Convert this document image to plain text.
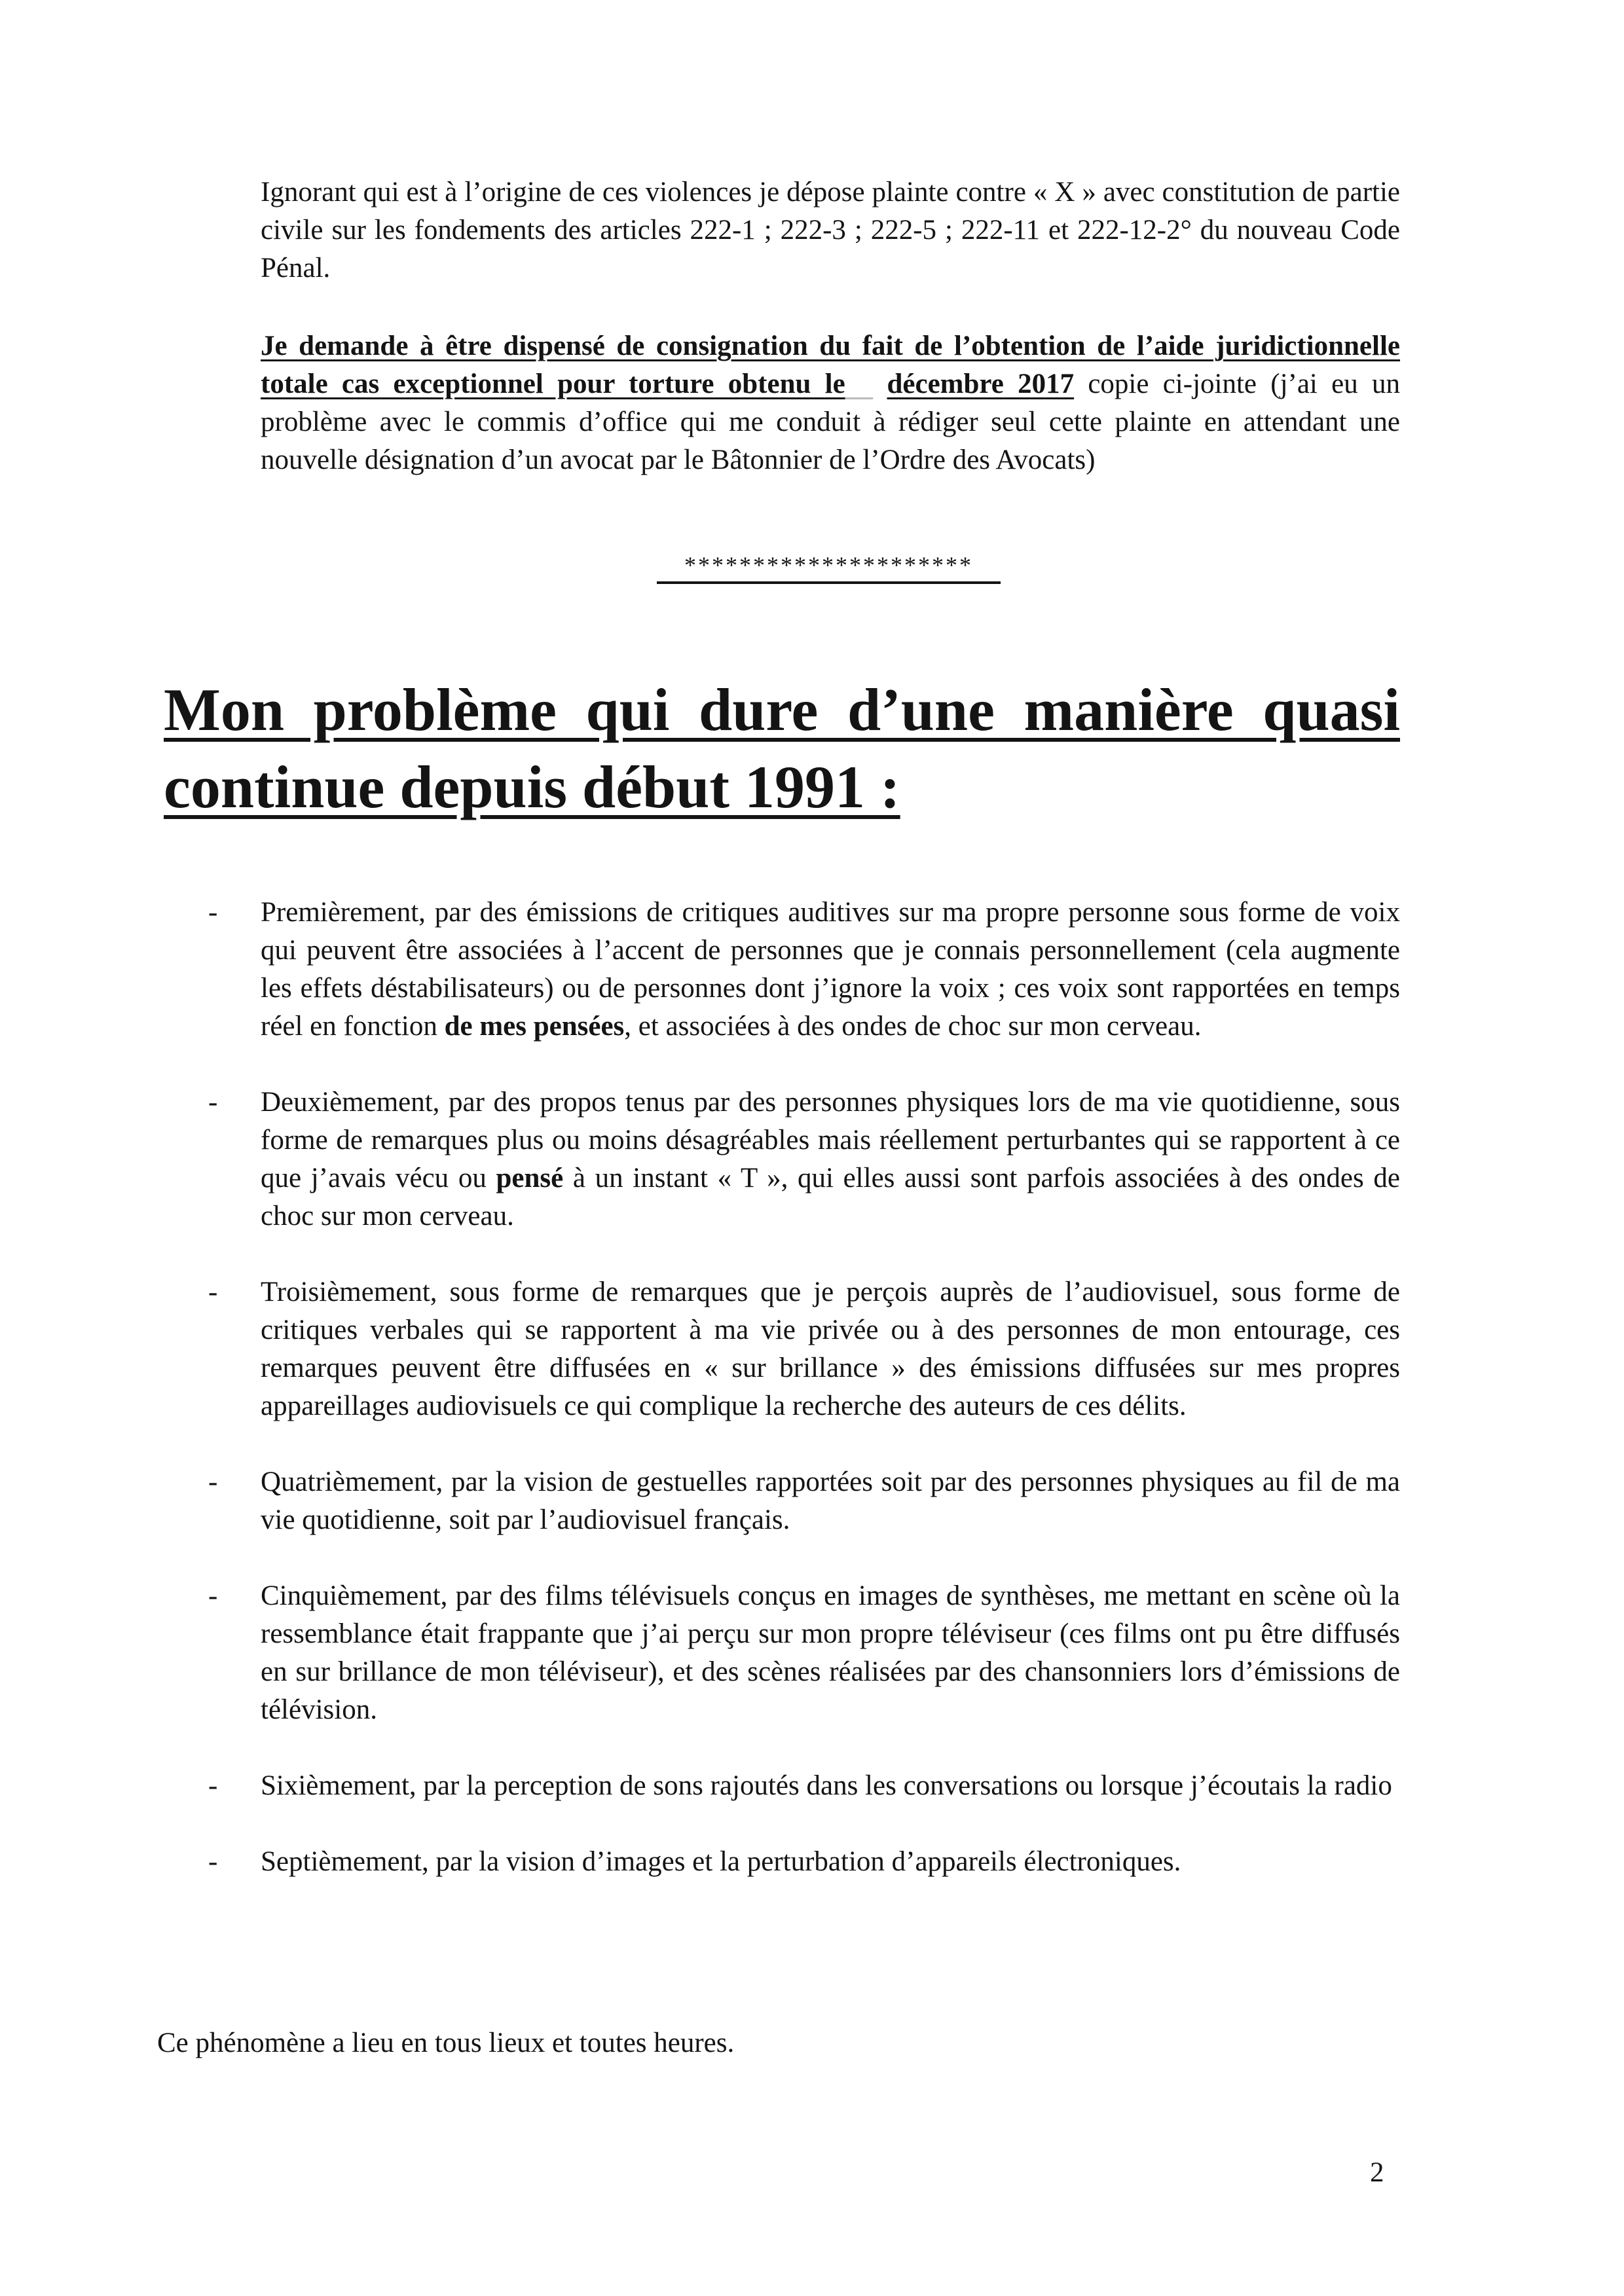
Ignorant qui est à l’origine de ces violences je dépose plainte contre « X » avec constitution de partie civile sur les fondements des articles 222-1 ; 222-3 ; 222-5 ; 222-11 et 222-12-2° du nouveau Code Pénal.

Je demande à être dispensé de consignation du fait de l’obtention de l’aide juridictionnelle totale cas exceptionnel pour torture obtenu le décembre 2017 copie ci-jointe (j’ai eu un problème avec le commis d’office qui me conduit à rédiger seul cette plainte en attendant une nouvelle désignation d’un avocat par le Bâtonnier de l’Ordre des Avocats)

*********************
Mon problème qui dure d’une manière quasi continue depuis début 1991 :
- Premièrement, par des émissions de critiques auditives sur ma propre personne sous forme de voix qui peuvent être associées à l’accent de personnes que je connais personnellement (cela augmente les effets déstabilisateurs) ou de personnes dont j’ignore la voix ; ces voix sont rapportées en temps réel en fonction de mes pensées, et associées à des ondes de choc sur mon cerveau.
- Deuxièmement, par des propos tenus par des personnes physiques lors de ma vie quotidienne, sous forme de remarques plus ou moins désagréables mais réellement perturbantes qui se rapportent à ce que j’avais vécu ou pensé à un instant « T », qui elles aussi sont parfois associées à des ondes de choc sur mon cerveau.
- Troisièmement, sous forme de remarques que je perçois auprès de l’audiovisuel, sous forme de critiques verbales qui se rapportent à ma vie privée ou à des personnes de mon entourage, ces remarques peuvent être diffusées en « sur brillance » des émissions diffusées sur mes propres appareillages audiovisuels ce qui complique la recherche des auteurs de ces délits.
- Quatrièmement, par la vision de gestuelles rapportées soit par des personnes physiques au fil de ma vie quotidienne, soit par l’audiovisuel français.
- Cinquièmement, par des films télévisuels conçus en images de synthèses, me mettant en scène où la ressemblance était frappante que j’ai perçu sur mon propre téléviseur (ces films ont pu être diffusés en sur brillance de mon téléviseur), et des scènes réalisées par des chansonniers lors d’émissions de télévision.
- Sixièmement, par la perception de sons rajoutés dans les conversations ou lorsque j’écoutais la radio
- Septièmement, par la vision d’images et la perturbation d’appareils électroniques.

Ce phénomène a lieu en tous lieux et toutes heures.

2
